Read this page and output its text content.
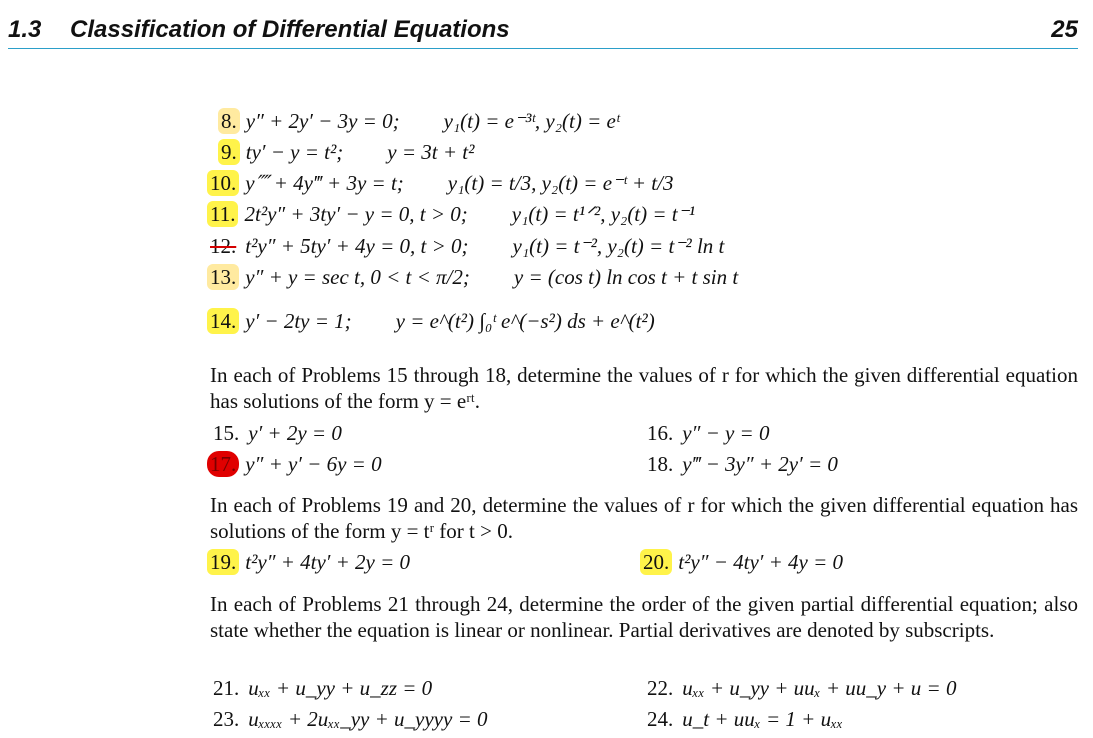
1.3 Classification of Differential Equations	25
8. y″ + 2y′ − 3y = 0; y₁(t) = e⁻³ᵗ, y₂(t) = eᵗ
9. ty′ − y = t²; y = 3t + t²
10. y⁗ + 4y‴ + 3y = t; y₁(t) = t/3, y₂(t) = e⁻ᵗ + t/3
11. 2t²y″ + 3ty′ − y = 0, t > 0; y₁(t) = t¹ᐟ², y₂(t) = t⁻¹
12. t²y″ + 5ty′ + 4y = 0, t > 0; y₁(t) = t⁻², y₂(t) = t⁻² ln t
13. y″ + y = sec t, 0 < t < π/2; y = (cos t) ln cos t + t sin t
14. y′ − 2ty = 1; y = e^(t²) ∫₀ᵗ e^(−s²) ds + e^(t²)
In each of Problems 15 through 18, determine the values of r for which the given differential equation has solutions of the form y = eʳᵗ.
15. y′ + 2y = 0	16. y″ − y = 0
17. y″ + y′ − 6y = 0	18. y‴ − 3y″ + 2y′ = 0
In each of Problems 19 and 20, determine the values of r for which the given differential equation has solutions of the form y = tʳ for t > 0.
19. t²y″ + 4ty′ + 2y = 0	20. t²y″ − 4ty′ + 4y = 0
In each of Problems 21 through 24, determine the order of the given partial differential equation; also state whether the equation is linear or nonlinear. Partial derivatives are denoted by subscripts.
21. uₓₓ + u_yy + u_zz = 0	22. uₓₓ + u_yy + uuₓ + uu_y + u = 0
23. uₓₓₓₓ + 2uₓₓ_yy + u_yyyy = 0	24. u_t + uuₓ = 1 + uₓₓ
